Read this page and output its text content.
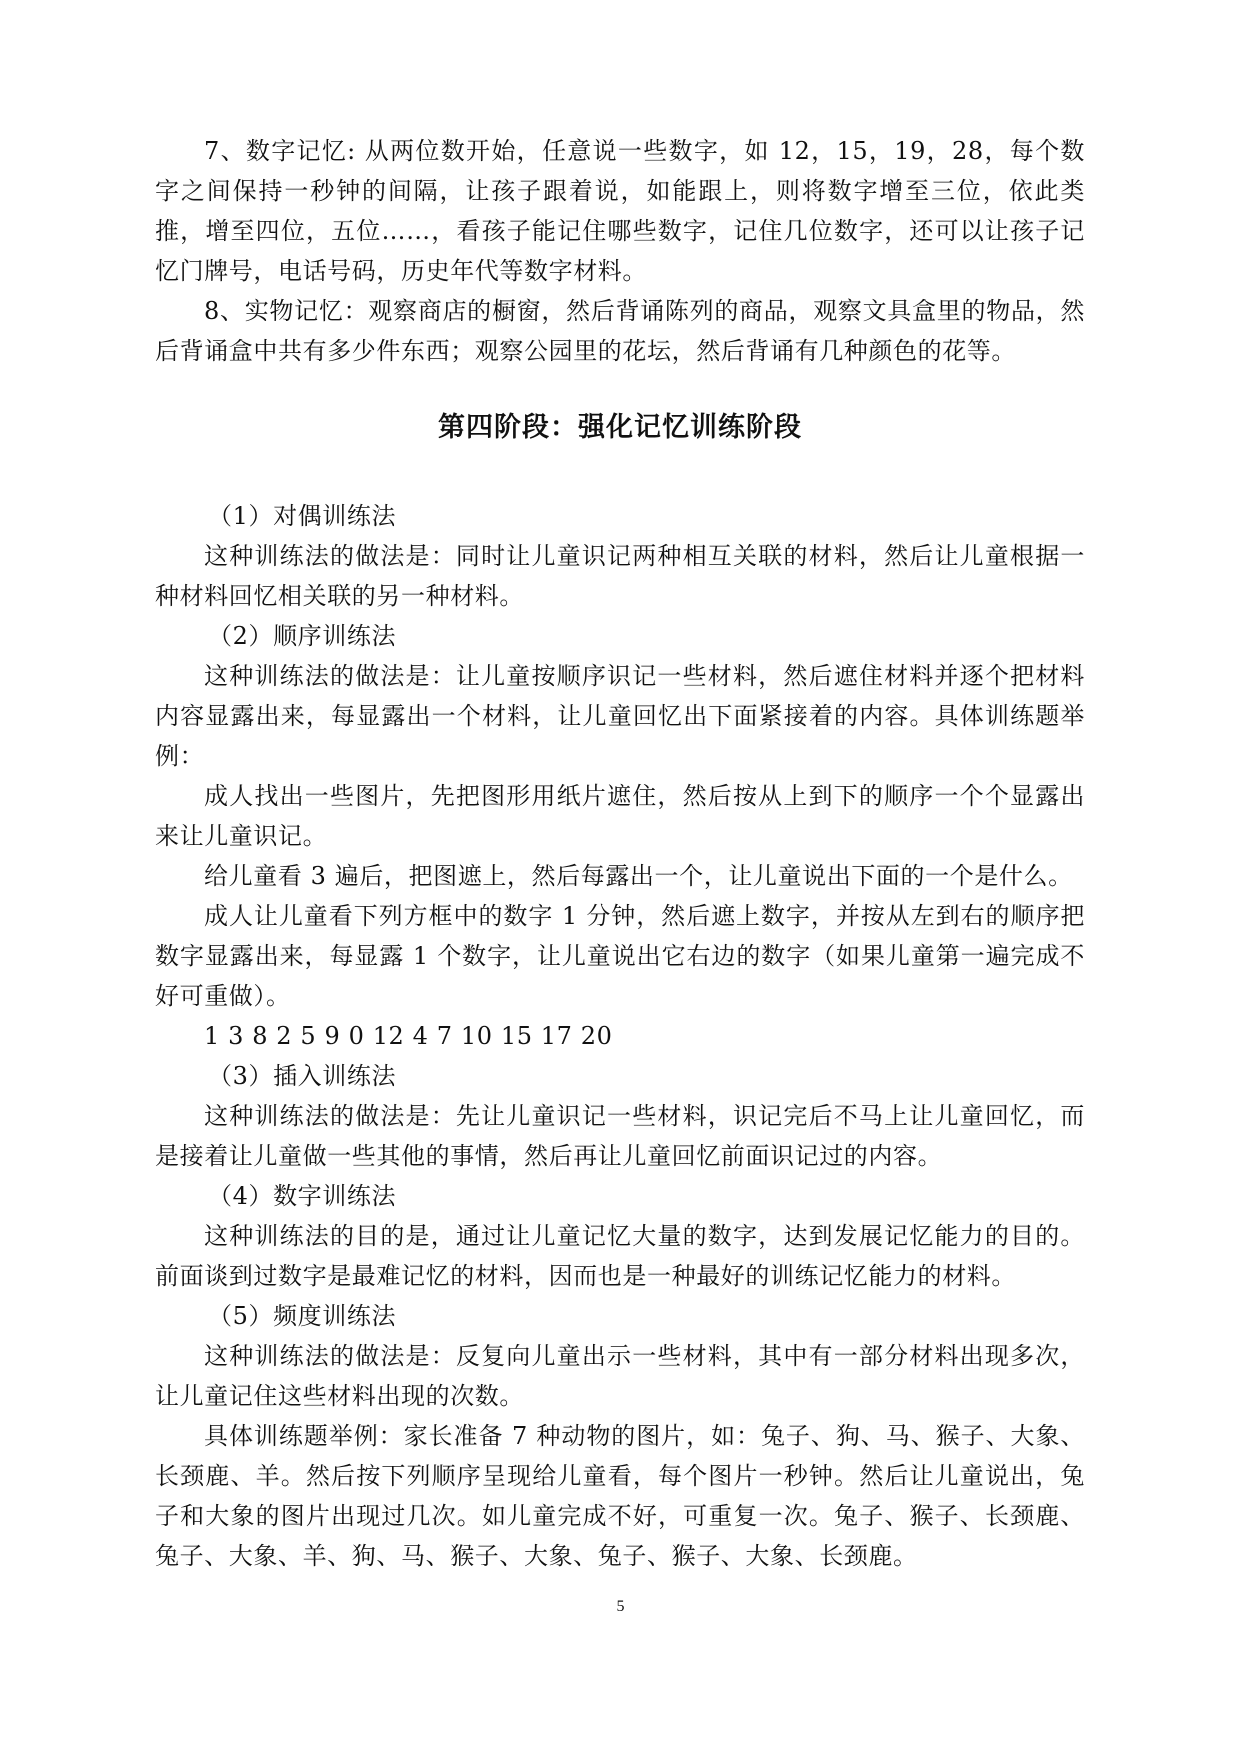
7、数字记忆: 从两位数开始，任意说一些数字，如 12，15，19，28，每个数字之间保持一秒钟的间隔，让孩子跟着说，如能跟上，则将数字增至三位，依此类推，增至四位，五位……，看孩子能记住哪些数字，记住几位数字，还可以让孩子记忆门牌号，电话号码，历史年代等数字材料。

8、实物记忆：观察商店的橱窗，然后背诵陈列的商品，观察文具盒里的物品，然后背诵盒中共有多少件东西；观察公园里的花坛，然后背诵有几种颜色的花等。

第四阶段：强化记忆训练阶段

（1）对偶训练法

这种训练法的做法是：同时让儿童识记两种相互关联的材料，然后让儿童根据一种材料回忆相关联的另一种材料。

（2）顺序训练法

这种训练法的做法是：让儿童按顺序识记一些材料，然后遮住材料并逐个把材料内容显露出来，每显露出一个材料，让儿童回忆出下面紧接着的内容。具体训练题举例：

成人找出一些图片，先把图形用纸片遮住，然后按从上到下的顺序一个个显露出来让儿童识记。

给儿童看 3 遍后，把图遮上，然后每露出一个，让儿童说出下面的一个是什么。

成人让儿童看下列方框中的数字 1 分钟，然后遮上数字，并按从左到右的顺序把数字显露出来，每显露 1 个数字，让儿童说出它右边的数字（如果儿童第一遍完成不好可重做）。

1 3 8 2 5 9 0 12 4 7 10 15 17 20

（3）插入训练法

这种训练法的做法是：先让儿童识记一些材料，识记完后不马上让儿童回忆，而是接着让儿童做一些其他的事情，然后再让儿童回忆前面识记过的内容。

（4）数字训练法

这种训练法的目的是，通过让儿童记忆大量的数字，达到发展记忆能力的目的。前面谈到过数字是最难记忆的材料，因而也是一种最好的训练记忆能力的材料。

（5）频度训练法

这种训练法的做法是：反复向儿童出示一些材料，其中有一部分材料出现多次，让儿童记住这些材料出现的次数。

具体训练题举例：家长准备 7 种动物的图片，如：兔子、狗、马、猴子、大象、长颈鹿、羊。然后按下列顺序呈现给儿童看，每个图片一秒钟。然后让儿童说出，兔子和大象的图片出现过几次。如儿童完成不好，可重复一次。兔子、猴子、长颈鹿、兔子、大象、羊、狗、马、猴子、大象、兔子、猴子、大象、长颈鹿。

5
